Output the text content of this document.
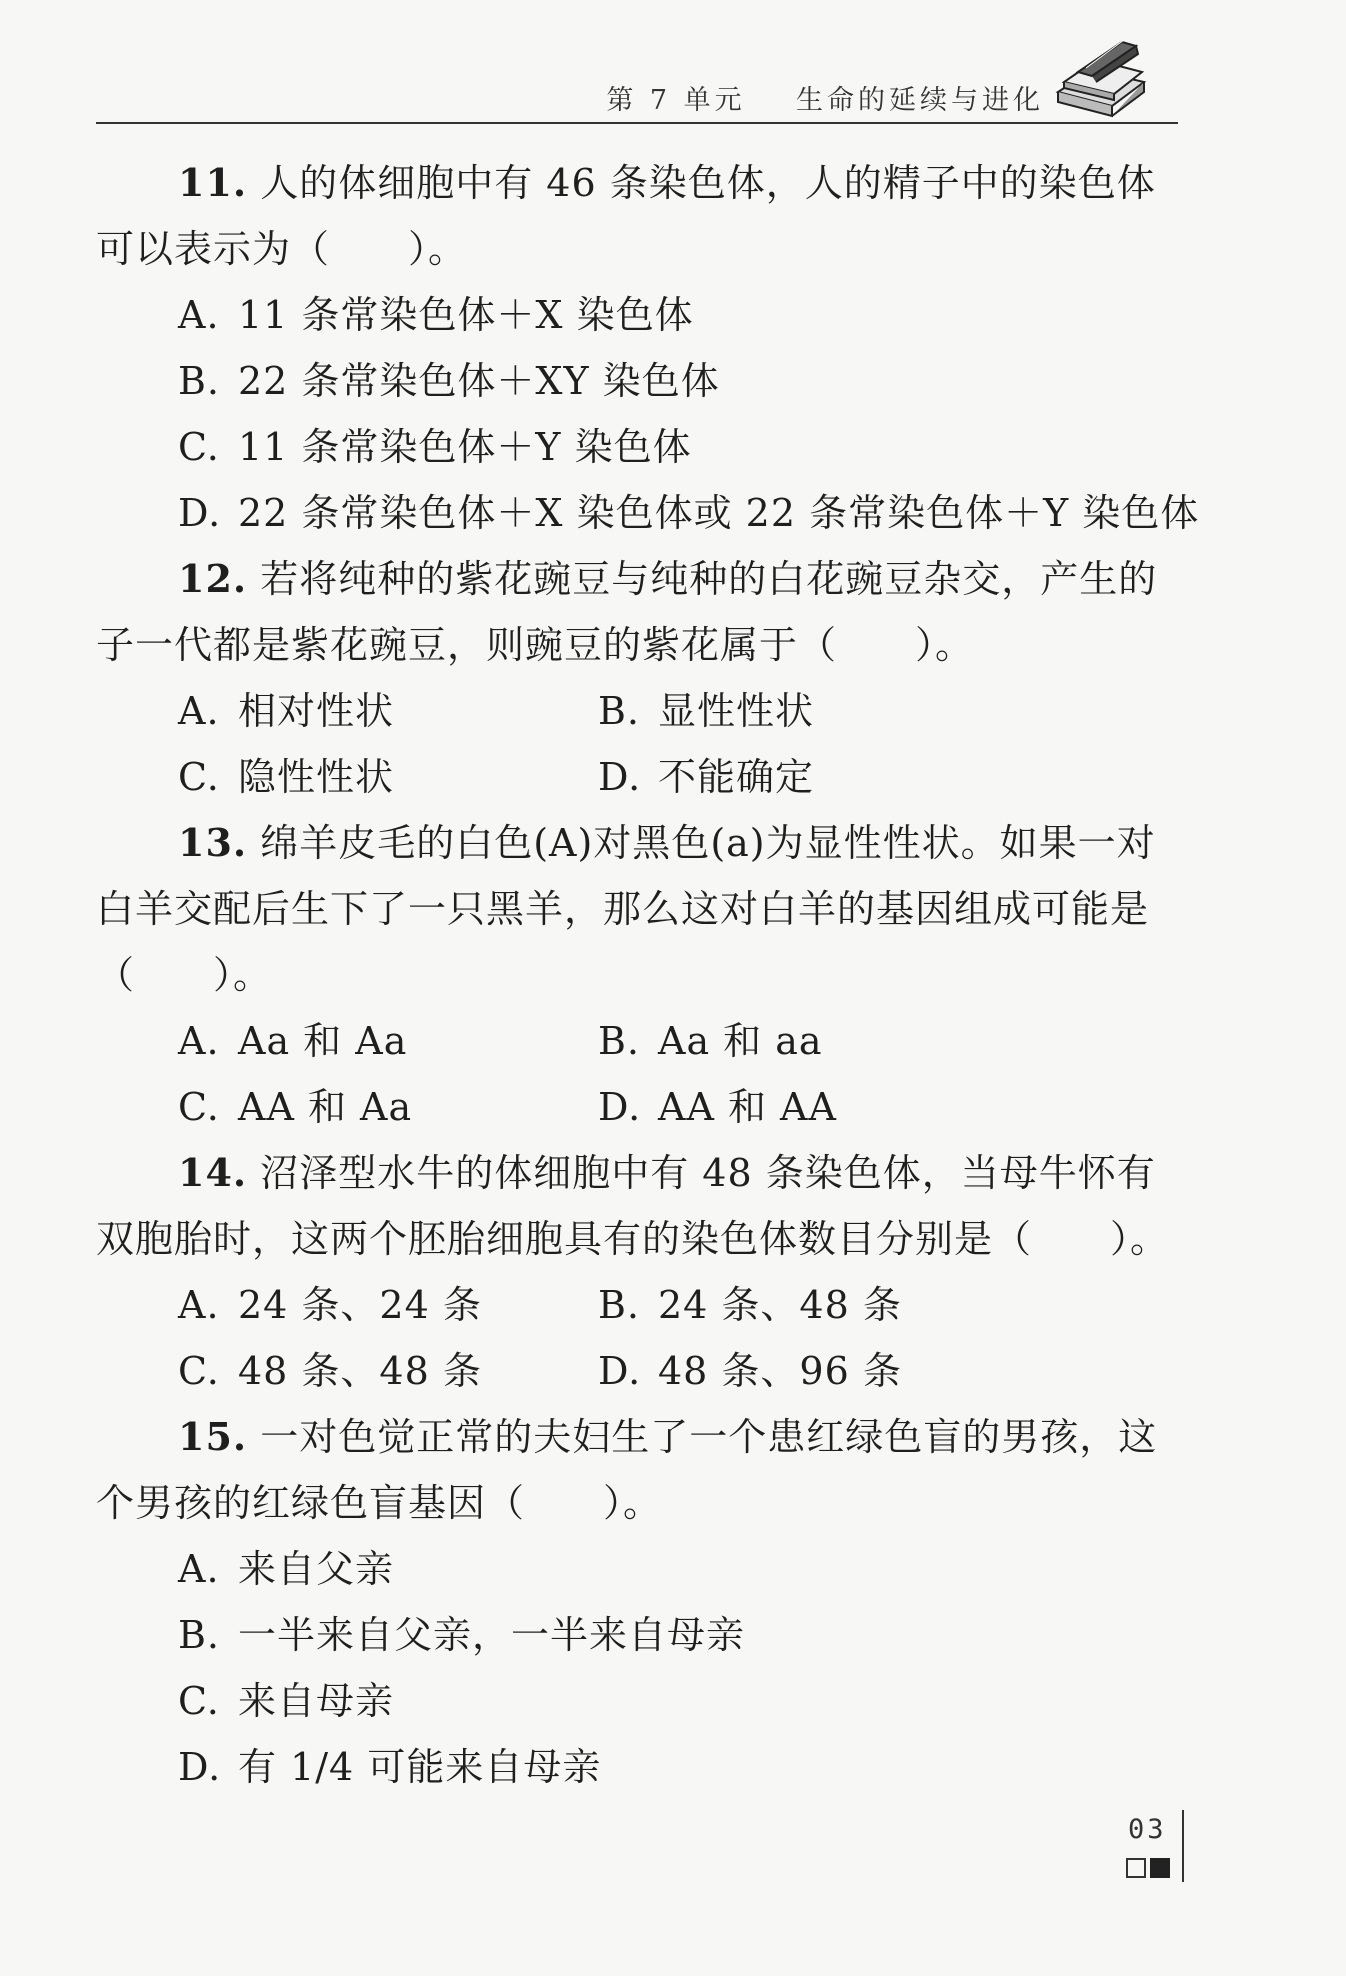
第 7 单元    生命的延续与进化

11. 人的体细胞中有 46 条染色体，人的精子中的染色体可以表示为（　　）。

A. 11 条常染色体＋X 染色体
B. 22 条常染色体＋XY 染色体
C. 11 条常染色体＋Y 染色体
D. 22 条常染色体＋X 染色体或 22 条常染色体＋Y 染色体

12. 若将纯种的紫花豌豆与纯种的白花豌豆杂交，产生的子一代都是紫花豌豆，则豌豆的紫花属于（　　）。

A. 相对性状	B. 显性性状
C. 隐性性状	D. 不能确定

13. 绵羊皮毛的白色(A)对黑色(a)为显性性状。如果一对白羊交配后生下了一只黑羊，那么这对白羊的基因组成可能是（　　）。

A. Aa 和 Aa	B. Aa 和 aa
C. AA 和 Aa	D. AA 和 AA

14. 沼泽型水牛的体细胞中有 48 条染色体，当母牛怀有双胞胎时，这两个胚胎细胞具有的染色体数目分别是（　　）。

A. 24 条、24 条	B. 24 条、48 条
C. 48 条、48 条	D. 48 条、96 条

15. 一对色觉正常的夫妇生了一个患红绿色盲的男孩，这个男孩的红绿色盲基因（　　）。

A. 来自父亲
B. 一半来自父亲，一半来自母亲
C. 来自母亲
D. 有 1/4 可能来自母亲
03
